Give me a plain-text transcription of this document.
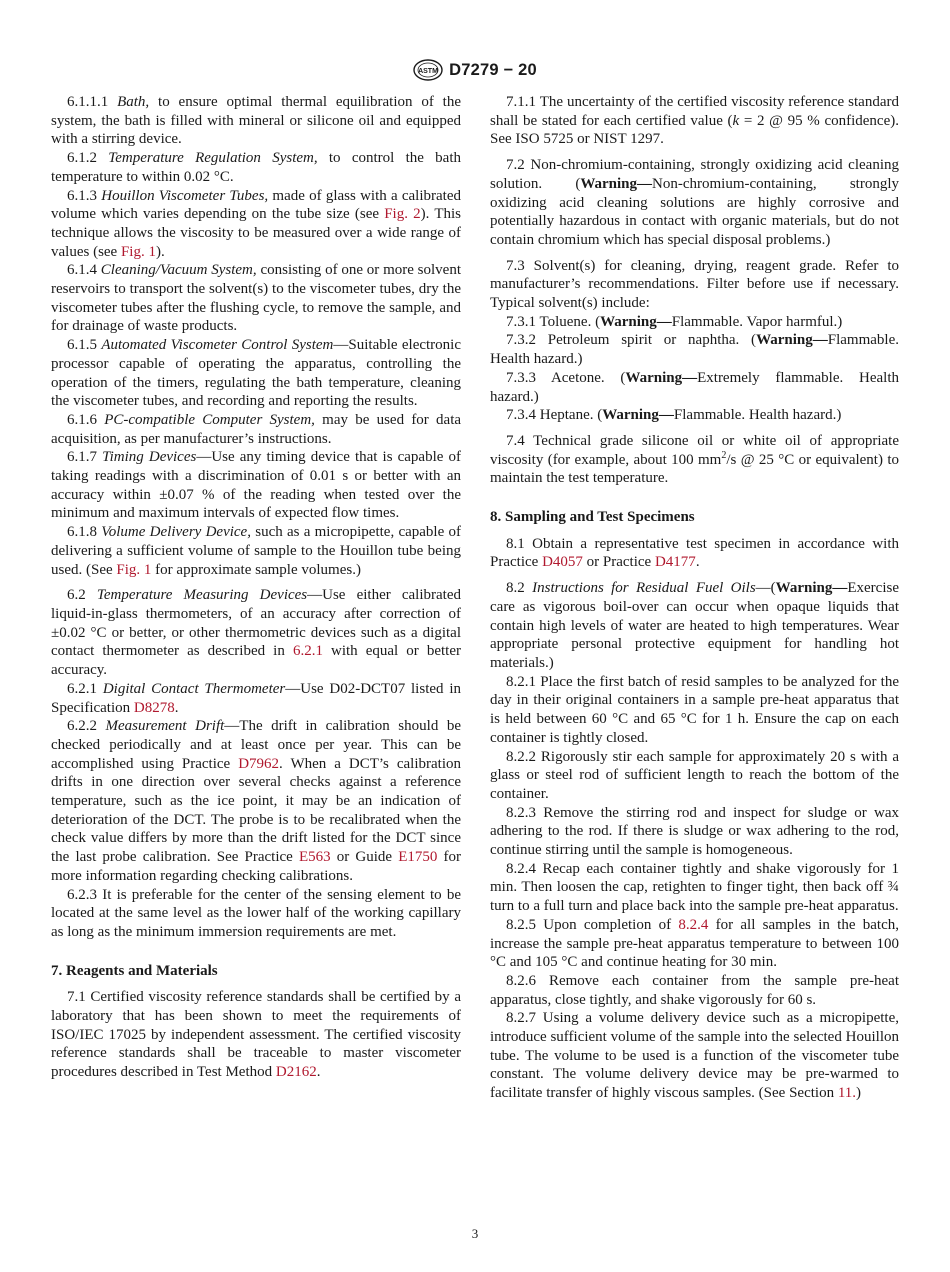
ASTM D7279 − 20

6.1.1.1 Bath, to ensure optimal thermal equilibration of the system, the bath is filled with mineral or silicone oil and equipped with a stirring device.

6.1.2 Temperature Regulation System, to control the bath temperature to within 0.02 °C.

6.1.3 Houillon Viscometer Tubes, made of glass with a calibrated volume which varies depending on the tube size (see Fig. 2). This technique allows the viscosity to be measured over a wide range of values (see Fig. 1).

6.1.4 Cleaning/Vacuum System, consisting of one or more solvent reservoirs to transport the solvent(s) to the viscometer tubes, dry the viscometer tubes after the flushing cycle, to remove the sample, and for drainage of waste products.

6.1.5 Automated Viscometer Control System—Suitable electronic processor capable of operating the apparatus, controlling the operation of the timers, regulating the bath temperature, cleaning the viscometer tubes, and recording and reporting the results.

6.1.6 PC-compatible Computer System, may be used for data acquisition, as per manufacturer’s instructions.

6.1.7 Timing Devices—Use any timing device that is capable of taking readings with a discrimination of 0.01 s or better with an accuracy within ±0.07 % of the reading when tested over the minimum and maximum intervals of expected flow times.

6.1.8 Volume Delivery Device, such as a micropipette, capable of delivering a sufficient volume of sample to the Houillon tube being used. (See Fig. 1 for approximate sample volumes.)

6.2 Temperature Measuring Devices—Use either calibrated liquid-in-glass thermometers, of an accuracy after correction of ±0.02 °C or better, or other thermometric devices such as a digital contact thermometer as described in 6.2.1 with equal or better accuracy.

6.2.1 Digital Contact Thermometer—Use D02-DCT07 listed in Specification D8278.

6.2.2 Measurement Drift—The drift in calibration should be checked periodically and at least once per year. This can be accomplished using Practice D7962. When a DCT’s calibration drifts in one direction over several checks against a reference temperature, such as the ice point, it may be an indication of deterioration of the DCT. The probe is to be recalibrated when the check value differs by more than the drift listed for the DCT since the last probe calibration. See Practice E563 or Guide E1750 for more information regarding checking calibrations.

6.2.3 It is preferable for the center of the sensing element to be located at the same level as the lower half of the working capillary as long as the minimum immersion requirements are met.

7. Reagents and Materials

7.1 Certified viscosity reference standards shall be certified by a laboratory that has been shown to meet the requirements of ISO/IEC 17025 by independent assessment. The certified viscosity reference standards shall be traceable to master viscometer procedures described in Test Method D2162.

7.1.1 The uncertainty of the certified viscosity reference standard shall be stated for each certified value (k = 2 @ 95 % confidence). See ISO 5725 or NIST 1297.

7.2 Non-chromium-containing, strongly oxidizing acid cleaning solution. (Warning—Non-chromium-containing, strongly oxidizing acid cleaning solutions are highly corrosive and potentially hazardous in contact with organic materials, but do not contain chromium which has special disposal problems.)

7.3 Solvent(s) for cleaning, drying, reagent grade. Refer to manufacturer’s recommendations. Filter before use if necessary. Typical solvent(s) include:

7.3.1 Toluene. (Warning—Flammable. Vapor harmful.)

7.3.2 Petroleum spirit or naphtha. (Warning—Flammable. Health hazard.)

7.3.3 Acetone. (Warning—Extremely flammable. Health hazard.)

7.3.4 Heptane. (Warning—Flammable. Health hazard.)

7.4 Technical grade silicone oil or white oil of appropriate viscosity (for example, about 100 $mm^2/s$ @ 25 °C or equivalent) to maintain the test temperature.

8. Sampling and Test Specimens

8.1 Obtain a representative test specimen in accordance with Practice D4057 or Practice D4177.

8.2 Instructions for Residual Fuel Oils—(Warning—Exercise care as vigorous boil-over can occur when opaque liquids that contain high levels of water are heated to high temperatures. Wear appropriate personal protective equipment for handling hot materials.)

8.2.1 Place the first batch of resid samples to be analyzed for the day in their original containers in a sample pre-heat apparatus that is held between 60 °C and 65 °C for 1 h. Ensure the cap on each container is tightly closed.

8.2.2 Rigorously stir each sample for approximately 20 s with a glass or steel rod of sufficient length to reach the bottom of the container.

8.2.3 Remove the stirring rod and inspect for sludge or wax adhering to the rod. If there is sludge or wax adhering to the rod, continue stirring until the sample is homogeneous.

8.2.4 Recap each container tightly and shake vigorously for 1 min. Then loosen the cap, retighten to finger tight, then back off ¾ turn to a full turn and place back into the sample pre-heat apparatus.

8.2.5 Upon completion of 8.2.4 for all samples in the batch, increase the sample pre-heat apparatus temperature to between 100 °C and 105 °C and continue heating for 30 min.

8.2.6 Remove each container from the sample pre-heat apparatus, close tightly, and shake vigorously for 60 s.

8.2.7 Using a volume delivery device such as a micropipette, introduce sufficient volume of the sample into the selected Houillon tube. The volume to be used is a function of the viscometer tube constant. The volume delivery device may be pre-warmed to facilitate transfer of highly viscous samples. (See Section 11.)

3
